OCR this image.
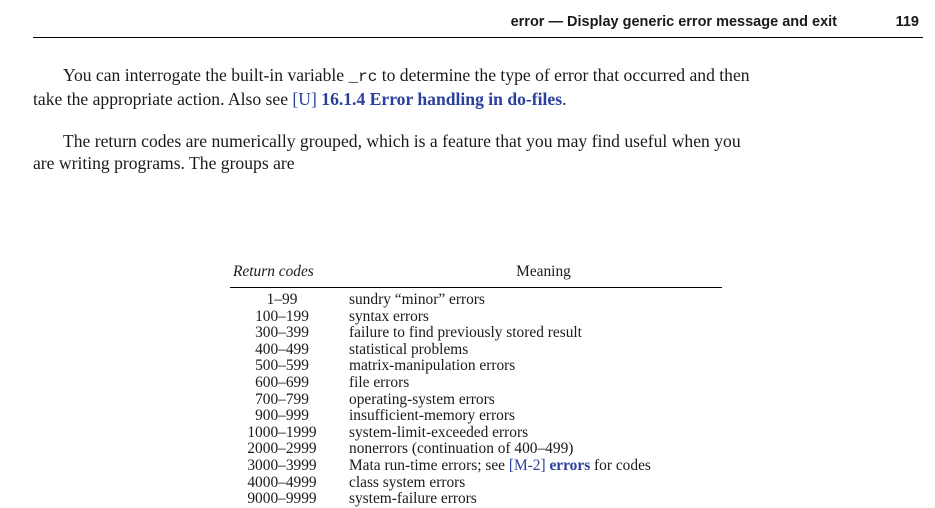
error — Display generic error message and exit	119
You can interrogate the built-in variable _rc to determine the type of error that occurred and then
take the appropriate action. Also see [U] 16.1.4 Error handling in do-files.
The return codes are numerically grouped, which is a feature that you may find useful when you
are writing programs. The groups are
Return codes	Meaning
1–99	sundry “minor” errors
100–199	syntax errors
300–399	failure to find previously stored result
400–499	statistical problems
500–599	matrix-manipulation errors
600–699	file errors
700–799	operating-system errors
900–999	insufficient-memory errors
1000–1999	system-limit-exceeded errors
2000–2999	nonerrors (continuation of 400–499)
3000–3999	Mata run-time errors; see [M-2] errors for codes
4000–4999	class system errors
9000–9999	system-failure errors
